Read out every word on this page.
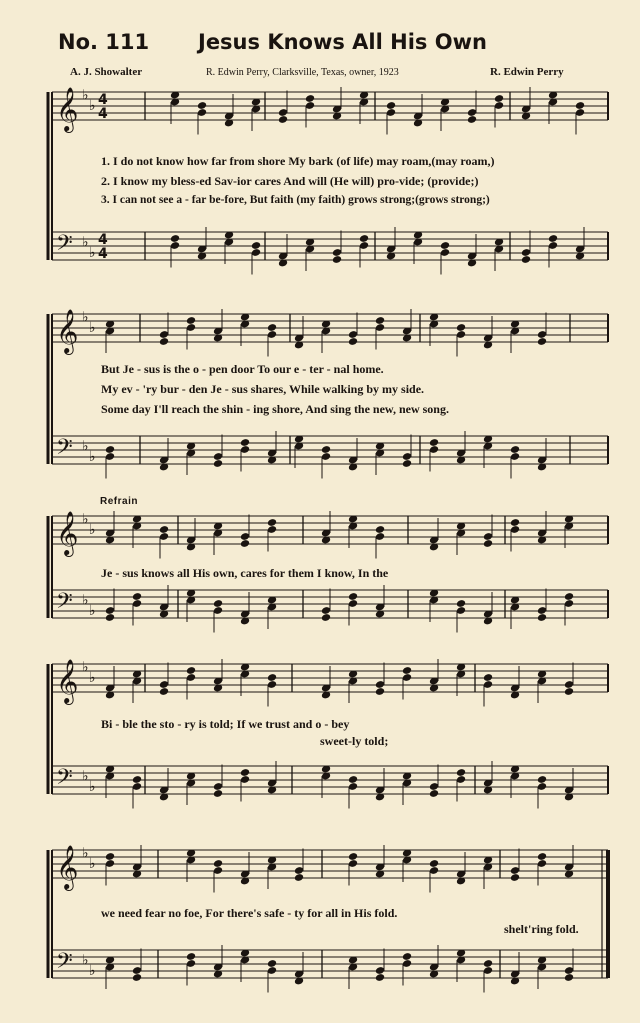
No. 111 Jesus Knows All His Own
A. J. Showalter	R. Edwin Perry, Clarksville, Texas, owner, 1923	R. Edwin Perry
1. I do not know how far from shore My bark (of life) may roam,(may roam,)
2. I know my bless-ed Sav-ior cares And will (He will) pro-vide; (provide;)
3. I can not see a - far be-fore, But faith (my faith) grows strong;(grows strong;)
But Je - sus is the o - pen door To our e - ter - nal home.
My ev - 'ry bur - den Je - sus shares, While walking by my side.
Some day I'll reach the shin - ing shore, And sing the new, new song.
Refrain
Je - sus knows all His own, cares for them I know, In the
Bi - ble the sto - ry is told; If we trust and o - bey
sweet-ly told;
we need fear no foe, For there's safe - ty for all in His fold.
shelt'ring fold.
𝄞 ♭
♭ 4
4
𝄢 ♭
♭
4
4
𝄞 ♭
♭
𝄢 ♭
♭
𝄞 ♭
♭
𝄢 ♭
♭
𝄞 ♭
♭
𝄢 ♭
♭
𝄞 ♭
♭
𝄢 ♭
♭
